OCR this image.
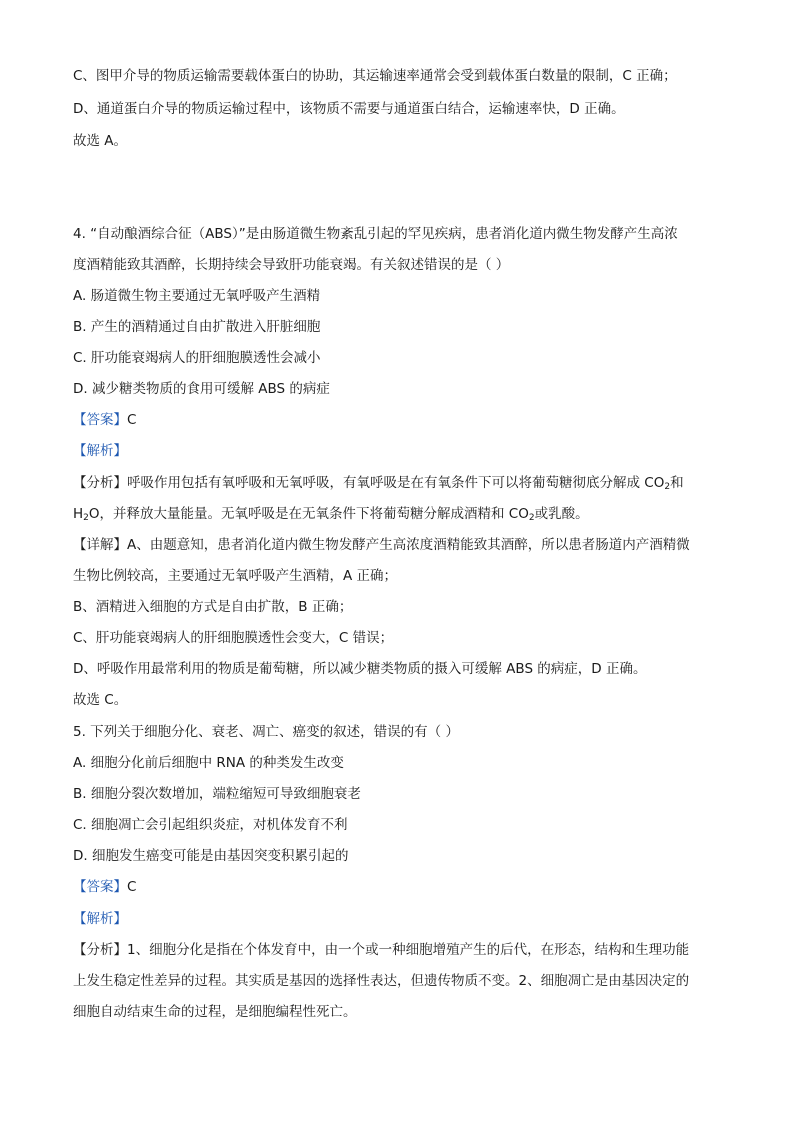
C、图甲介导的物质运输需要载体蛋白的协助，其运输速率通常会受到载体蛋白数量的限制，C 正确；
D、通道蛋白介导的物质运输过程中，该物质不需要与通道蛋白结合，运输速率快，D 正确。
故选 A。
4. “自动酿酒综合征（ABS）”是由肠道微生物紊乱引起的罕见疾病，患者消化道内微生物发酵产生高浓
度酒精能致其酒醉，长期持续会导致肝功能衰竭。有关叙述错误的是（ ）
A. 肠道微生物主要通过无氧呼吸产生酒精
B. 产生的酒精通过自由扩散进入肝脏细胞
C. 肝功能衰竭病人的肝细胞膜透性会减小
D. 减少糖类物质的食用可缓解 ABS 的病症
【答案】C
【解析】
【分析】呼吸作用包括有氧呼吸和无氧呼吸，有氧呼吸是在有氧条件下可以将葡萄糖彻底分解成 $CO_2$和
$H_2O$，并释放大量能量。无氧呼吸是在无氧条件下将葡萄糖分解成酒精和 $CO_2$或乳酸。
【详解】A、由题意知，患者消化道内微生物发酵产生高浓度酒精能致其酒醉，所以患者肠道内产酒精微
生物比例较高，主要通过无氧呼吸产生酒精，A 正确；
B、酒精进入细胞的方式是自由扩散，B 正确；
C、肝功能衰竭病人的肝细胞膜透性会变大，C 错误；
D、呼吸作用最常利用的物质是葡萄糖，所以减少糖类物质的摄入可缓解 ABS 的病症，D 正确。
故选 C。
5. 下列关于细胞分化、衰老、凋亡、癌变的叙述，错误的有（ ）
A. 细胞分化前后细胞中 RNA 的种类发生改变
B. 细胞分裂次数增加，端粒缩短可导致细胞衰老
C. 细胞凋亡会引起组织炎症，对机体发育不利
D. 细胞发生癌变可能是由基因突变积累引起的
【答案】C
【解析】
【分析】1、细胞分化是指在个体发育中，由一个或一种细胞增殖产生的后代，在形态，结构和生理功能
上发生稳定性差异的过程。其实质是基因的选择性表达，但遗传物质不变。2、细胞凋亡是由基因决定的
细胞自动结束生命的过程，是细胞编程性死亡。
